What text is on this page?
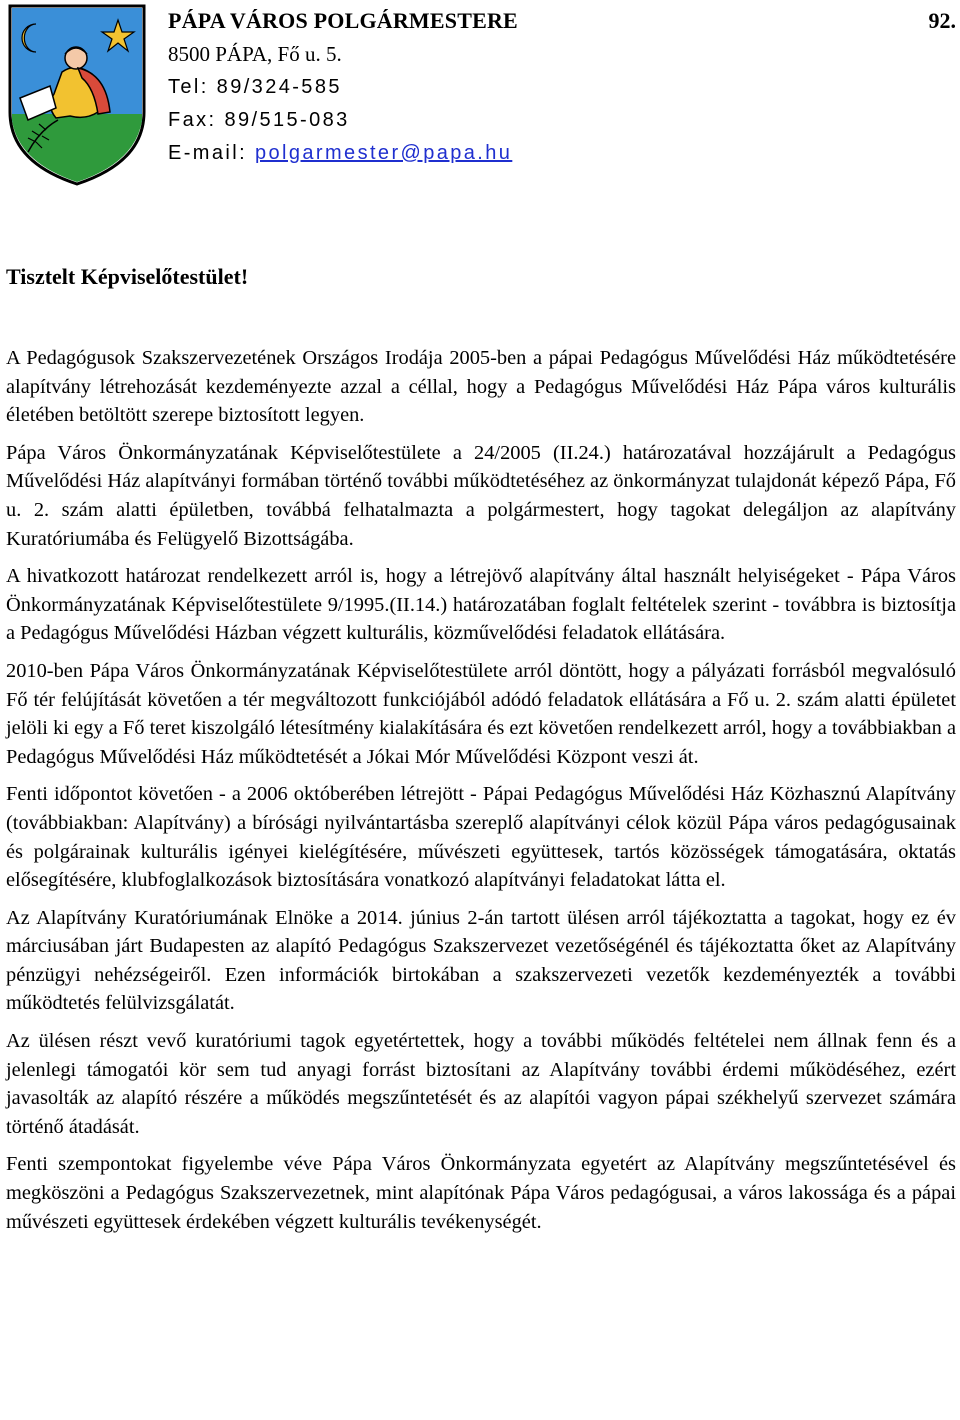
PÁPA VÁROS POLGÁRMESTERE
8500 PÁPA, Fő u. 5.
Tel: 89/324-585
Fax: 89/515-083
E-mail: polgarmester@papa.hu
92.
Tisztelt Képviselőtestület!

A Pedagógusok Szakszervezetének Országos Irodája 2005-ben a pápai Pedagógus Művelődési Ház működtetésére alapítvány létrehozását kezdeményezte azzal a céllal, hogy a Pedagógus Művelődési Ház Pápa város kulturális életében betöltött szerepe biztosított legyen.

Pápa Város Önkormányzatának Képviselőtestülete a 24/2005 (II.24.) határozatával hozzájárult a Pedagógus Művelődési Ház alapítványi formában történő további működtetéséhez az önkormányzat tulajdonát képező Pápa, Fő u. 2. szám alatti épületben, továbbá felhatalmazta a polgármestert, hogy tagokat delegáljon az alapítvány Kuratóriumába és Felügyelő Bizottságába.

A hivatkozott határozat rendelkezett arról is, hogy a létrejövő alapítvány által használt helyiségeket - Pápa Város Önkormányzatának Képviselőtestülete 9/1995.(II.14.) határozatában foglalt feltételek szerint - továbbra is biztosítja a Pedagógus Művelődési Házban végzett kulturális, közművelődési feladatok ellátására.

2010-ben Pápa Város Önkormányzatának Képviselőtestülete arról döntött, hogy a pályázati forrásból megvalósuló Fő tér felújítását követően a tér megváltozott funkciójából adódó feladatok ellátására a Fő u. 2. szám alatti épületet jelöli ki egy a Fő teret kiszolgáló létesítmény kialakítására és ezt követően rendelkezett arról, hogy a továbbiakban a Pedagógus Művelődési Ház működtetését a Jókai Mór Művelődési Központ veszi át.

Fenti időpontot követően - a 2006 októberében létrejött - Pápai Pedagógus Művelődési Ház Közhasznú Alapítvány (továbbiakban: Alapítvány) a bírósági nyilvántartásba szereplő alapítványi célok közül Pápa város pedagógusainak és polgárainak kulturális igényei kielégítésére, művészeti együttesek, tartós közösségek támogatására, oktatás elősegítésére, klubfoglalkozások biztosítására vonatkozó alapítványi feladatokat látta el.

Az Alapítvány Kuratóriumának Elnöke a 2014. június 2-án tartott ülésen arról tájékoztatta a tagokat, hogy ez év márciusában járt Budapesten az alapító Pedagógus Szakszervezet vezetőségénél és tájékoztatta őket az Alapítvány pénzügyi nehézségeiről. Ezen információk birtokában a szakszervezeti vezetők kezdeményezték a további működtetés felülvizsgálatát.

Az ülésen részt vevő kuratóriumi tagok egyetértettek, hogy a további működés feltételei nem állnak fenn és a jelenlegi támogatói kör sem tud anyagi forrást biztosítani az Alapítvány további érdemi működéséhez, ezért javasolták az alapító részére a működés megszűntetését és az alapítói vagyon pápai székhelyű szervezet számára történő átadását.

Fenti szempontokat figyelembe véve Pápa Város Önkormányzata egyetért az Alapítvány megszűntetésével és megköszöni a Pedagógus Szakszervezetnek, mint alapítónak Pápa Város pedagógusai, a város lakossága és a pápai művészeti együttesek érdekében végzett kulturális tevékenységét.
